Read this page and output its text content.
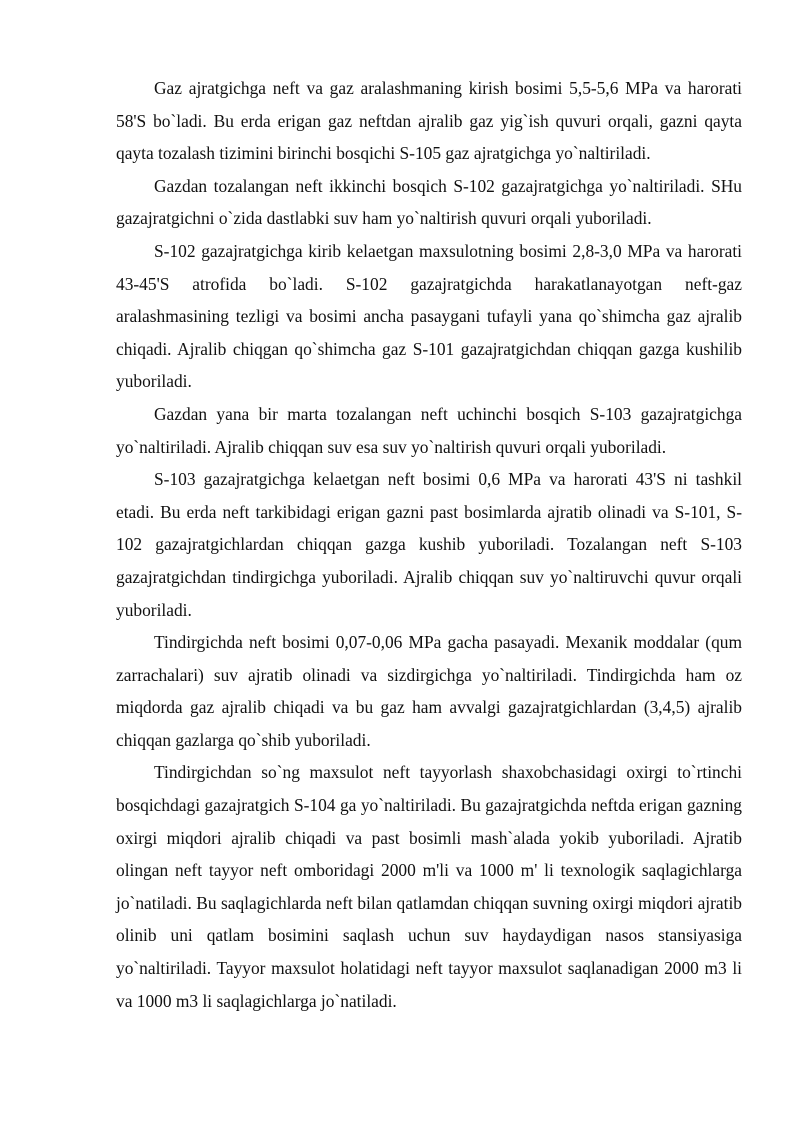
Gaz ajratgichga neft va gaz aralashmaning kirish bosimi 5,5-5,6 MPa va harorati 58'S bo`ladi. Bu erda erigan gaz neftdan ajralib gaz yig`ish quvuri orqali, gazni qayta qayta tozalash tizimini birinchi bosqichi S-105 gaz ajratgichga yo`naltiriladi.

Gazdan tozalangan neft ikkinchi bosqich S-102 gazajratgichga yo`naltiriladi. SHu gazajratgichni o`zida dastlabki suv ham yo`naltirish quvuri orqali yuboriladi.

S-102 gazajratgichga kirib kelaetgan maxsulotning bosimi 2,8-3,0 MPa va harorati 43-45'S atrofida bo`ladi. S-102 gazajratgichda harakatlanayotgan neft-gaz aralashmasining tezligi va bosimi ancha pasaygani tufayli yana qo`shimcha gaz ajralib chiqadi. Ajralib chiqgan qo`shimcha gaz S-101 gazajratgichdan chiqqan gazga kushilib yuboriladi.

Gazdan yana bir marta tozalangan neft uchinchi bosqich S-103 gazajratgichga yo`naltiriladi. Ajralib chiqqan suv esa suv yo`naltirish quvuri orqali yuboriladi.

S-103 gazajratgichga kelaetgan neft bosimi 0,6 MPa va harorati 43'S ni tashkil etadi. Bu erda neft tarkibidagi erigan gazni past bosimlarda ajratib olinadi va S-101, S-102 gazajratgichlardan chiqqan gazga kushib yuboriladi. Tozalangan neft S-103 gazajratgichdan tindirgichga yuboriladi. Ajralib chiqqan suv yo`naltiruvchi quvur orqali yuboriladi.

Tindirgichda neft bosimi 0,07-0,06 MPa gacha pasayadi. Mexanik moddalar (qum zarrachalari) suv ajratib olinadi va sizdirgichga yo`naltiriladi. Tindirgichda ham oz miqdorda gaz ajralib chiqadi va bu gaz ham avvalgi gazajratgichlardan (3,4,5) ajralib chiqqan gazlarga qo`shib yuboriladi.

Tindirgichdan so`ng maxsulot neft tayyorlash shaxobchasidagi oxirgi to`rtinchi bosqichdagi gazajratgich S-104 ga yo`naltiriladi. Bu gazajratgichda neftda erigan gazning oxirgi miqdori ajralib chiqadi va past bosimli mash`alada yokib yuboriladi. Ajratib olingan neft tayyor neft omboridagi 2000 m'li va 1000 m' li texnologik saqlagichlarga jo`natiladi. Bu saqlagichlarda neft bilan qatlamdan chiqqan suvning oxirgi miqdori ajratib olinib uni qatlam bosimini saqlash uchun suv haydaydigan nasos stansiyasiga yo`naltiriladi. Tayyor maxsulot holatidagi neft tayyor maxsulot saqlanadigan 2000 m3 li va 1000 m3 li saqlagichlarga jo`natiladi.
